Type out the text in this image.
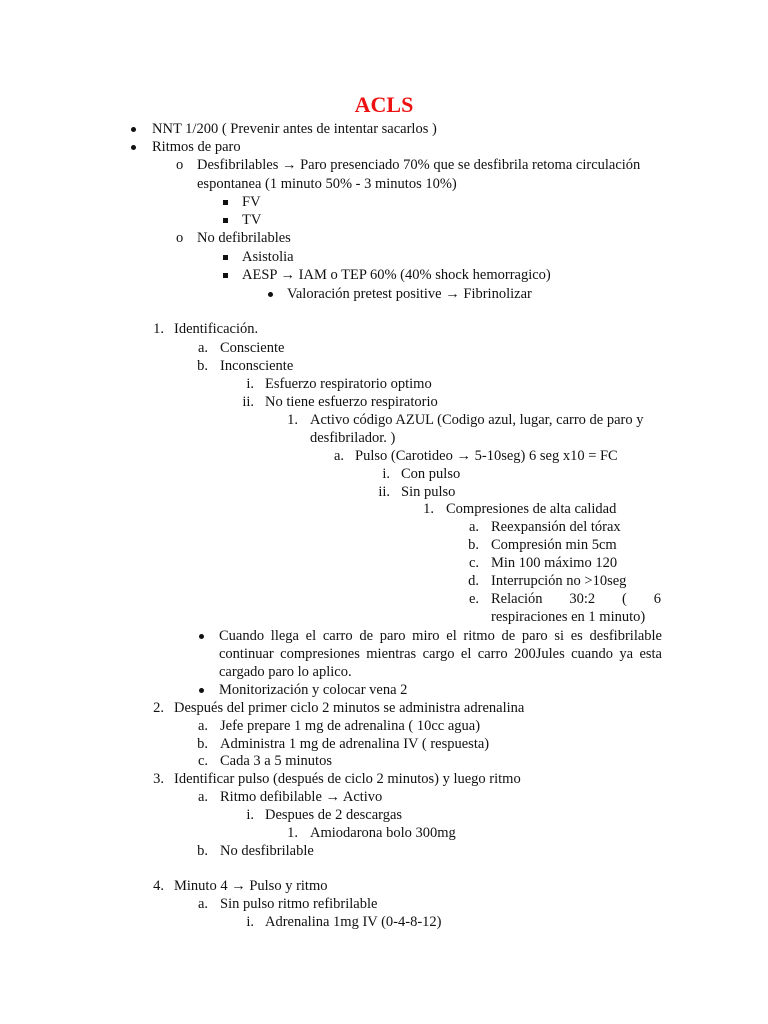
ACLS
NNT 1/200 ( Prevenir antes de intentar sacarlos )
Ritmos de paro
o Desfibrilables → Paro presenciado 70% que se desfibrila retoma circulación
espontanea (1 minuto 50% - 3 minutos 10%)
FV
TV
o No defibrilables
Asistolia
AESP → IAM o TEP 60% (40% shock hemorragico)
Valoración pretest positive → Fibrinolizar
1. Identificación.
a. Consciente
b. Inconsciente
i. Esfuerzo respiratorio optimo
ii. No tiene esfuerzo respiratorio
1. Activo código AZUL (Codigo azul, lugar, carro de paro y
desfibrilador. )
a. Pulso (Carotideo → 5-10seg) 6 seg x10 = FC
i. Con pulso
ii. Sin pulso
1. Compresiones de alta calidad
a. Reexpansión del tórax
b. Compresión min 5cm
c. Min 100 máximo 120
d. Interrupción no >10seg
e. Relación 30:2 ( 6
respiraciones en 1 minuto)
Cuando llega el carro de paro miro el ritmo de paro si es desfibrilable
continuar compresiones mientras cargo el carro 200Jules cuando ya esta
cargado paro lo aplico.
Monitorización y colocar vena 2
2. Después del primer ciclo 2 minutos se administra adrenalina
a. Jefe prepare 1 mg de adrenalina ( 10cc agua)
b. Administra 1 mg de adrenalina IV ( respuesta)
c. Cada 3 a 5 minutos
3. Identificar pulso (después de ciclo 2 minutos) y luego ritmo
a. Ritmo defibilable → Activo
i. Despues de 2 descargas
1. Amiodarona bolo 300mg
b. No desfibrilable
4. Minuto 4 → Pulso y ritmo
a. Sin pulso ritmo refibrilable
i. Adrenalina 1mg IV (0-4-8-12)
